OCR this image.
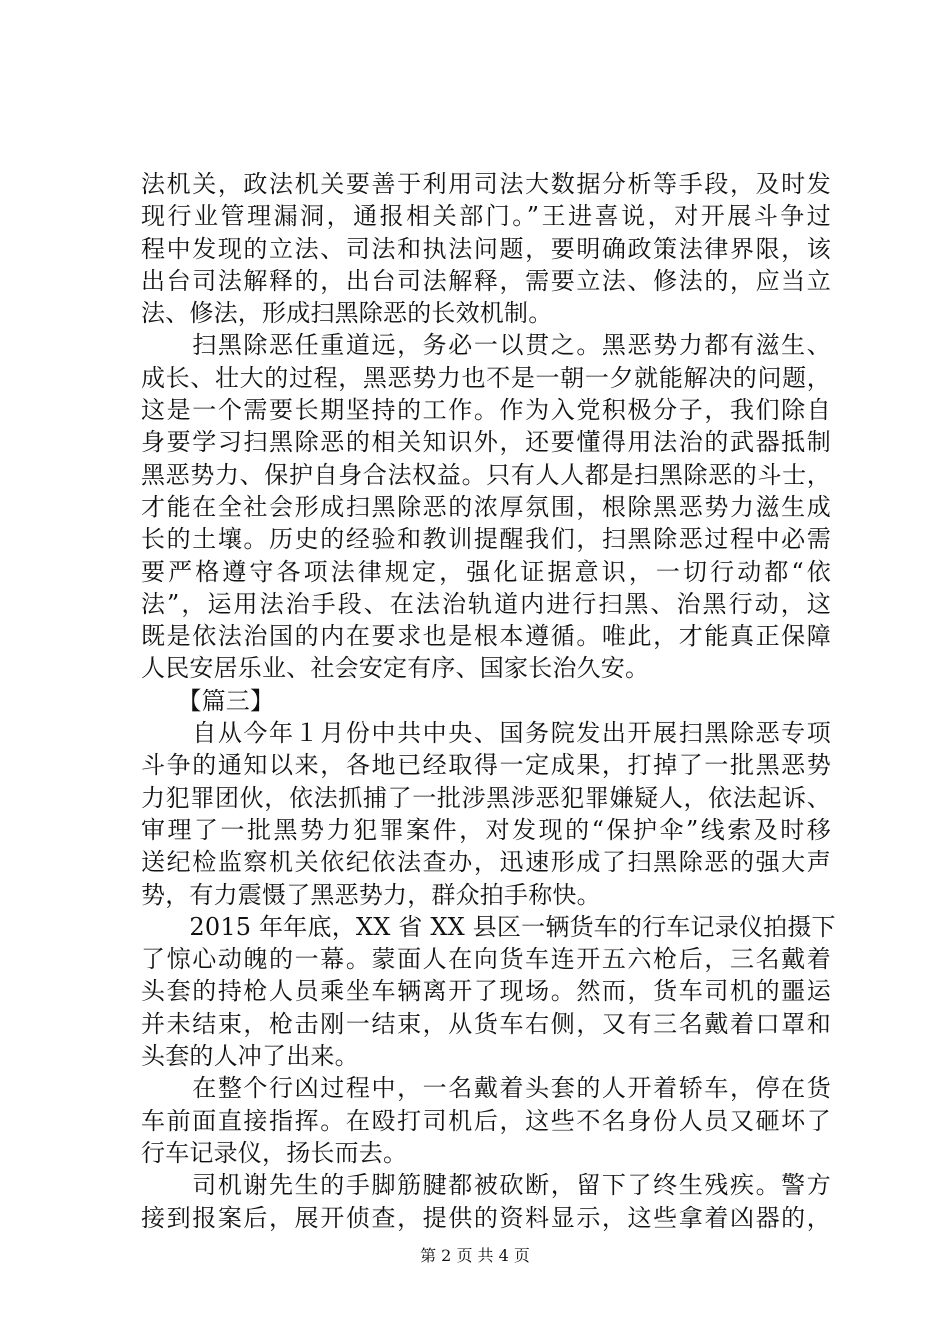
法机关，政法机关要善于利用司法大数据分析等手段，及时发
现行业管理漏洞，通报相关部门。”王进喜说，对开展斗争过
程中发现的立法、司法和执法问题，要明确政策法律界限，该
出台司法解释的，出台司法解释，需要立法、修法的，应当立
法、修法，形成扫黑除恶的长效机制。
　　扫黑除恶任重道远，务必一以贯之。黑恶势力都有滋生、
成长、壮大的过程，黑恶势力也不是一朝一夕就能解决的问题，
这是一个需要长期坚持的工作。作为入党积极分子，我们除自
身要学习扫黑除恶的相关知识外，还要懂得用法治的武器抵制
黑恶势力、保护自身合法权益。只有人人都是扫黑除恶的斗士，
才能在全社会形成扫黑除恶的浓厚氛围，根除黑恶势力滋生成
长的土壤。历史的经验和教训提醒我们，扫黑除恶过程中必需
要严格遵守各项法律规定，强化证据意识，一切行动都“依
法”，运用法治手段、在法治轨道内进行扫黑、治黑行动，这
既是依法治国的内在要求也是根本遵循。唯此，才能真正保障
人民安居乐业、社会安定有序、国家长治久安。
　　【篇三】
　　自从今年１月份中共中央、国务院发出开展扫黑除恶专项
斗争的通知以来，各地已经取得一定成果，打掉了一批黑恶势
力犯罪团伙，依法抓捕了一批涉黑涉恶犯罪嫌疑人，依法起诉、
审理了一批黑势力犯罪案件，对发现的“保护伞”线索及时移
送纪检监察机关依纪依法查办，迅速形成了扫黑除恶的强大声
势，有力震慑了黑恶势力，群众拍手称快。
　　2015 年年底，XX 省 XX 县区一辆货车的行车记录仪拍摄下
了惊心动魄的一幕。蒙面人在向货车连开五六枪后，三名戴着
头套的持枪人员乘坐车辆离开了现场。然而，货车司机的噩运
并未结束，枪击刚一结束，从货车右侧，又有三名戴着口罩和
头套的人冲了出来。
　　在整个行凶过程中，一名戴着头套的人开着轿车，停在货
车前面直接指挥。在殴打司机后，这些不名身份人员又砸坏了
行车记录仪，扬长而去。
　　司机谢先生的手脚筋腱都被砍断，留下了终生残疾。警方
接到报案后，展开侦查，提供的资料显示，这些拿着凶器的，
第 2 页 共 4 页
